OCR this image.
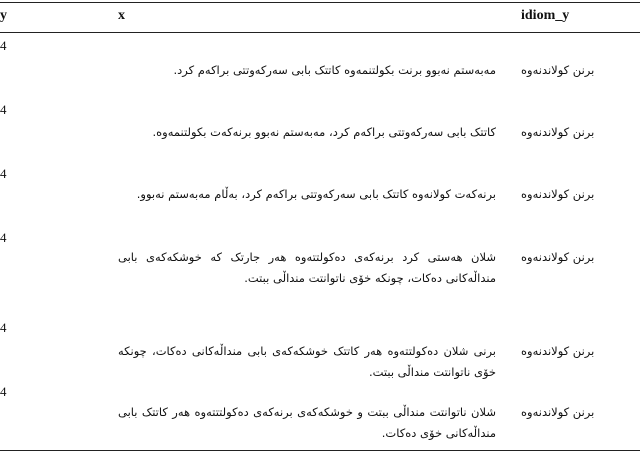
y	x	idiom_y
4
مەبەستم نەبوو برنت بکولتنمەوە کاتتک بابی سەرکەوتتی براکەم کرد. برنن کولاندنەوە
4
کاتتک بابی سەرکەوتتی براکەم کرد، مەبەستم نەبوو برنەکەت بکولتنمەوە. برنن کولاندنەوە
4
برنەکەت کولانەوە کاتتک بابی سەرکەوتتی براکەم کرد، بەڵام مەبەستم نەبوو. برنن کولاندنەوە
4
شلان هەستی کرد برنەکەی دەکولتتەوە هەر جارتک کە خوشکەکەی بابی منداڵەکانی دەکات، چونکە خۆی ناتوانتت منداڵی ببتت.
برنن کولاندنەوە
4
برنی شلان دەکولتتەوە هەر کاتتک خوشکەکەی بابی منداڵەکانی دەکات، چونکە خۆی ناتوانتت منداڵی ببتت.
برنن کولاندنەوە
4
شلان ناتوانتت منداڵی ببتت و خوشکەکەی برنەکەی دەکولتتتەوە هەر کاتتک بابی منداڵەکانی خۆی دەکات.
برنن کولاندنەوە
